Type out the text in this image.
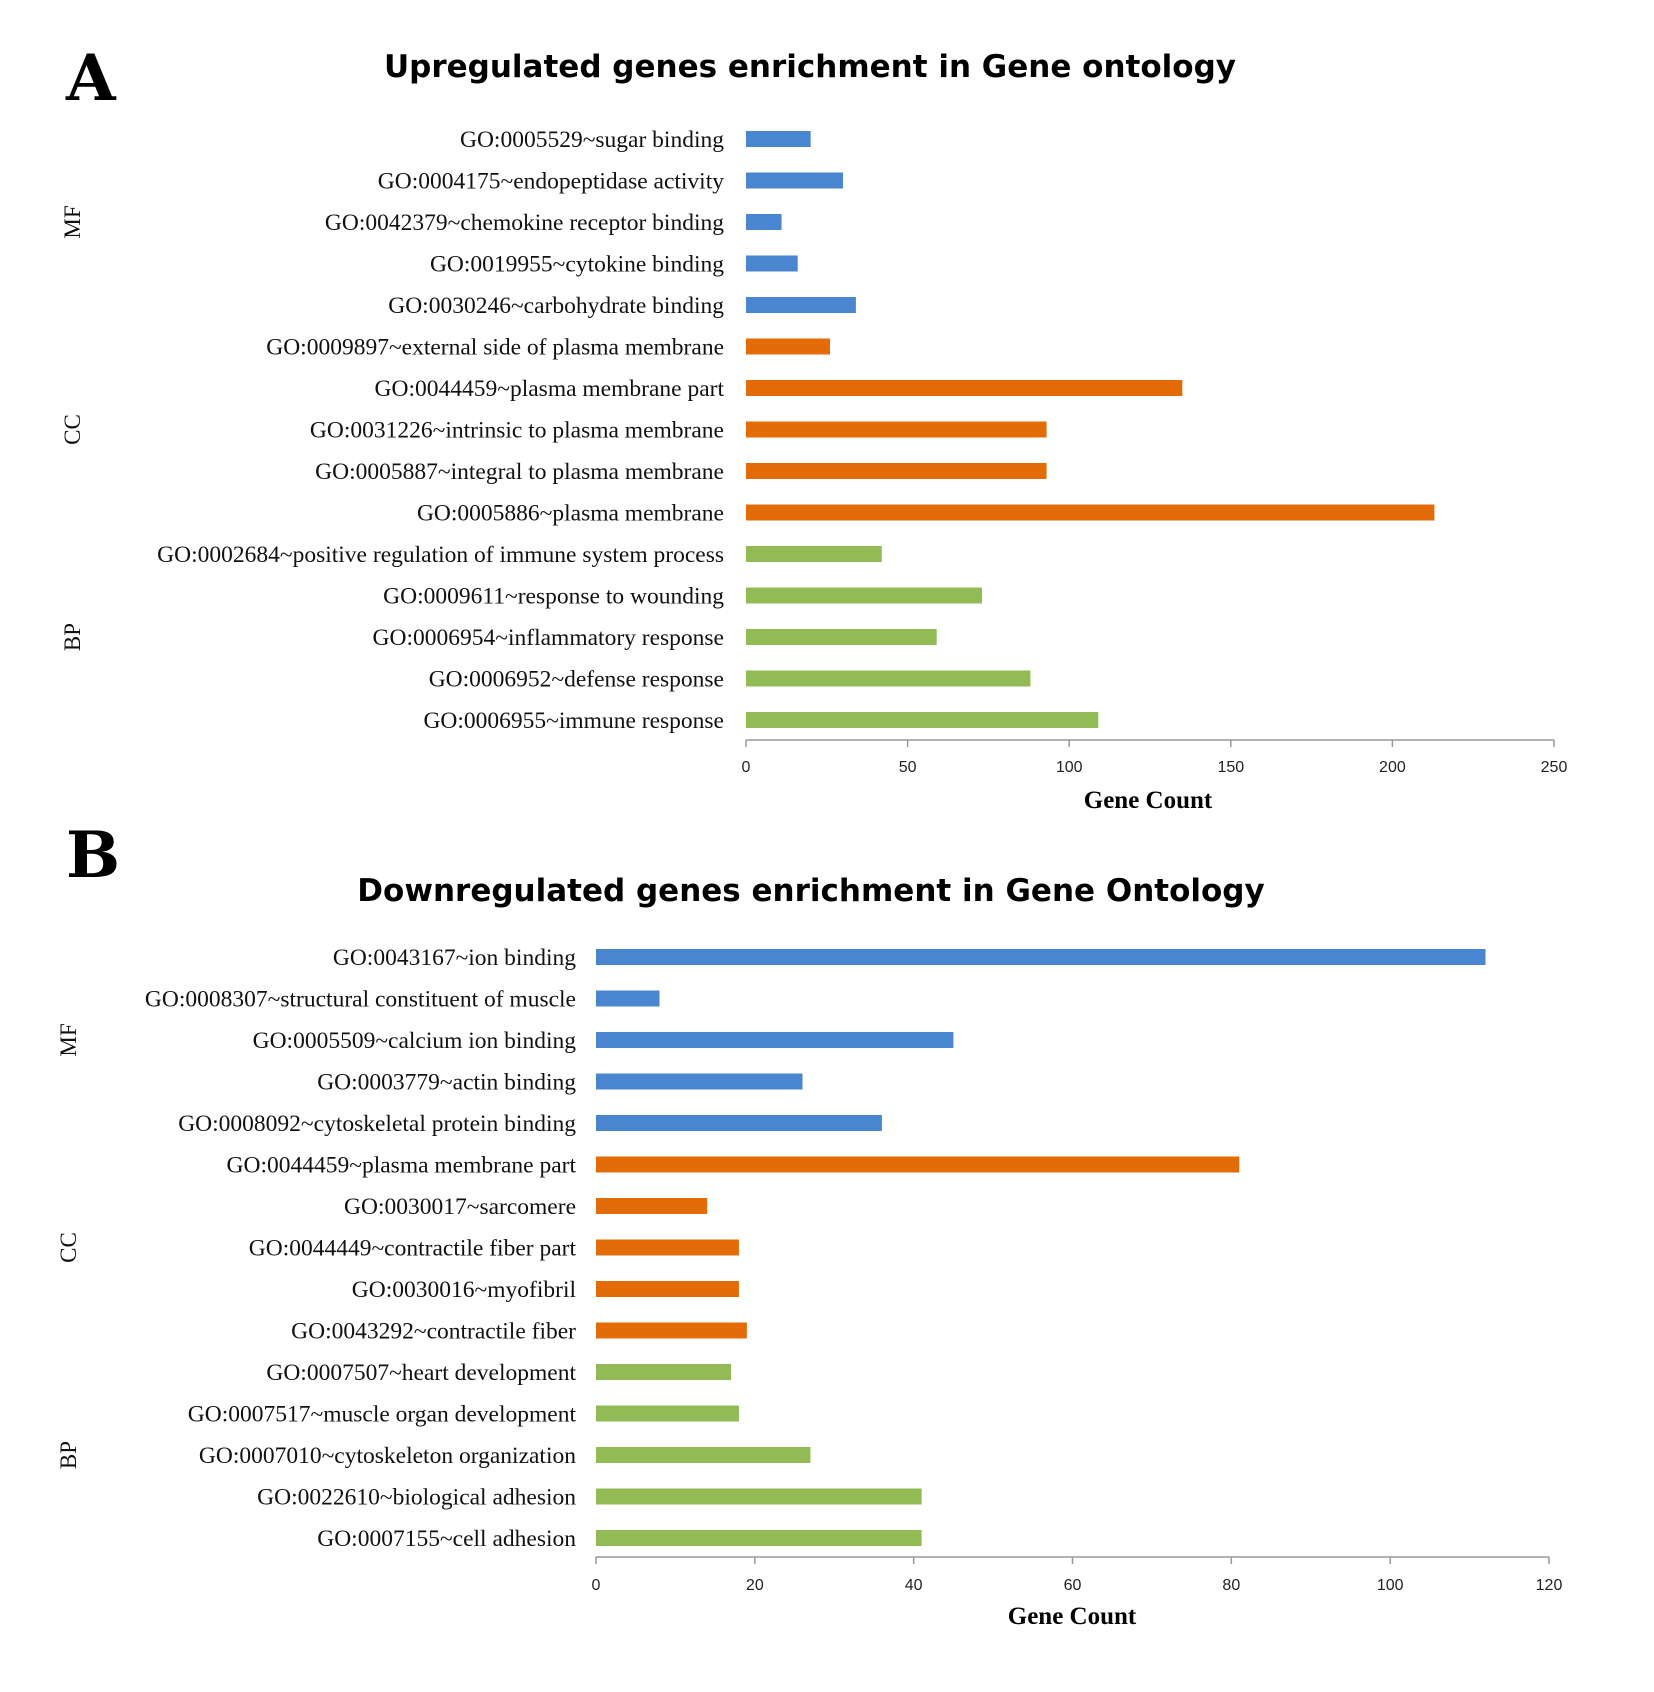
A	Upregulated genes enrichment in Gene ontology
GO:0005529~sugar binding
GO:0004175~endopeptidase activity
GO:0042379~chemokine receptor binding
GO:0019955~cytokine binding
GO:0030246~carbohydrate binding
GO:0009897~external side of plasma membrane
GO:0044459~plasma membrane part
GO:0031226~intrinsic to plasma membrane
GO:0005887~integral to plasma membrane
GO:0005886~plasma membrane
GO:0002684~positive regulation of immune system process
GO:0009611~response to wounding
GO:0006954~inflammatory response
GO:0006952~defense response
GO:0006955~immune response
MF
CC
BP
0	50	100	150	200	250
Gene Count
B	Downregulated genes enrichment in Gene Ontology
GO:0043167~ion binding
GO:0008307~structural constituent of muscle
GO:0005509~calcium ion binding
GO:0003779~actin binding
GO:0008092~cytoskeletal protein binding
GO:0044459~plasma membrane part
GO:0030017~sarcomere
GO:0044449~contractile fiber part
GO:0030016~myofibril
GO:0043292~contractile fiber
GO:0007507~heart development
GO:0007517~muscle organ development
GO:0007010~cytoskeleton organization
GO:0022610~biological adhesion
GO:0007155~cell adhesion
MF
CC
BP
0	20	40	60	80	100	120
Gene Count
